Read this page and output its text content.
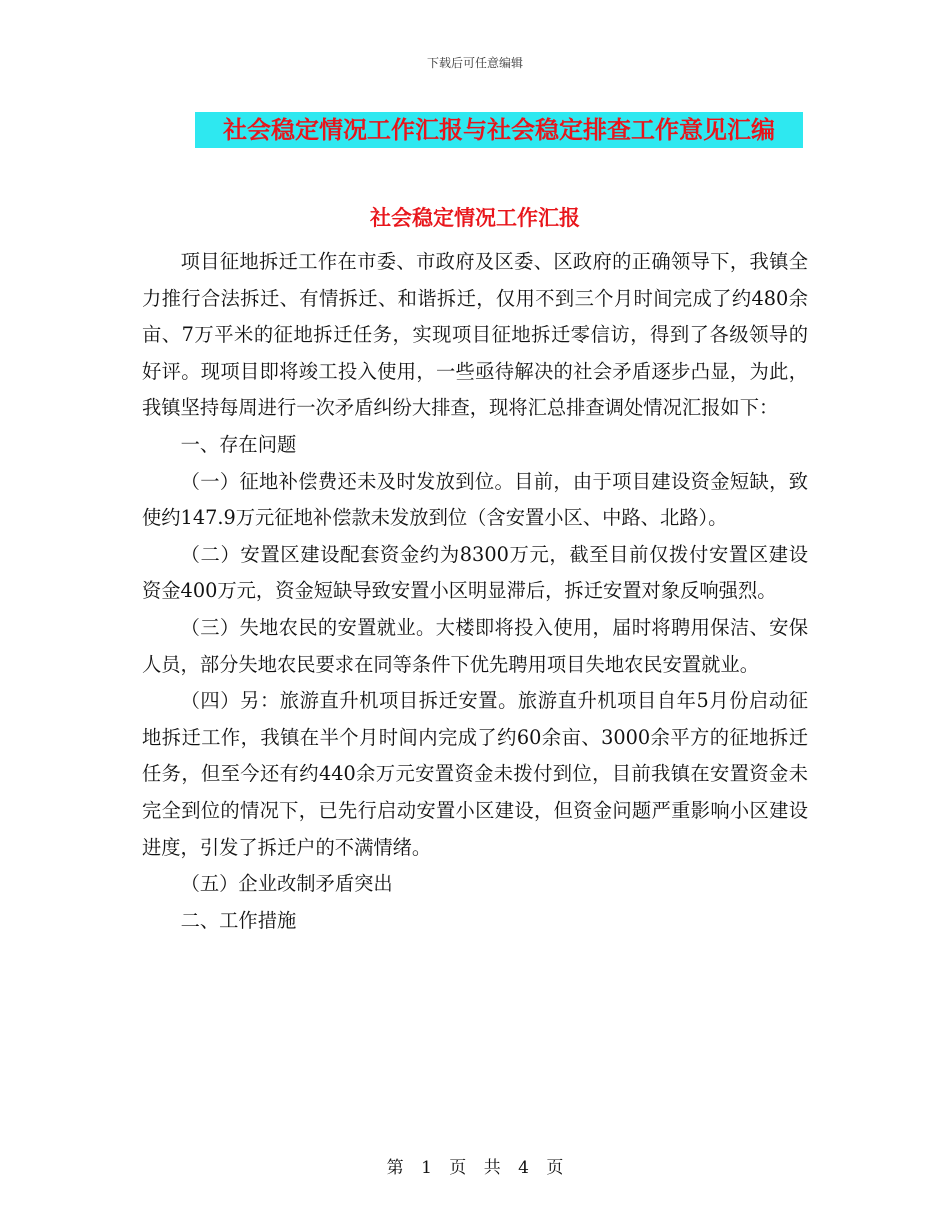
下载后可任意编辑
社会稳定情况工作汇报与社会稳定排查工作意见汇编
社会稳定情况工作汇报

项目征地拆迁工作在市委、市政府及区委、区政府的正确领导下，我镇全力推行合法拆迁、有情拆迁、和谐拆迁，仅用不到三个月时间完成了约480余亩、7万平米的征地拆迁任务，实现项目征地拆迁零信访，得到了各级领导的好评。现项目即将竣工投入使用，一些亟待解决的社会矛盾逐步凸显，为此，我镇坚持每周进行一次矛盾纠纷大排查，现将汇总排查调处情况汇报如下：

一、存在问题

（一）征地补偿费还未及时发放到位。目前，由于项目建设资金短缺，致使约147.9万元征地补偿款未发放到位（含安置小区、中路、北路）。

（二）安置区建设配套资金约为8300万元，截至目前仅拨付安置区建设资金400万元，资金短缺导致安置小区明显滞后，拆迁安置对象反响强烈。

（三）失地农民的安置就业。大楼即将投入使用，届时将聘用保洁、安保人员，部分失地农民要求在同等条件下优先聘用项目失地农民安置就业。

（四）另：旅游直升机项目拆迁安置。旅游直升机项目自年5月份启动征地拆迁工作，我镇在半个月时间内完成了约60余亩、3000余平方的征地拆迁任务，但至今还有约440余万元安置资金未拨付到位，目前我镇在安置资金未完全到位的情况下，已先行启动安置小区建设，但资金问题严重影响小区建设进度，引发了拆迁户的不满情绪。

（五）企业改制矛盾突出

二、工作措施

第 1 页 共 4 页
